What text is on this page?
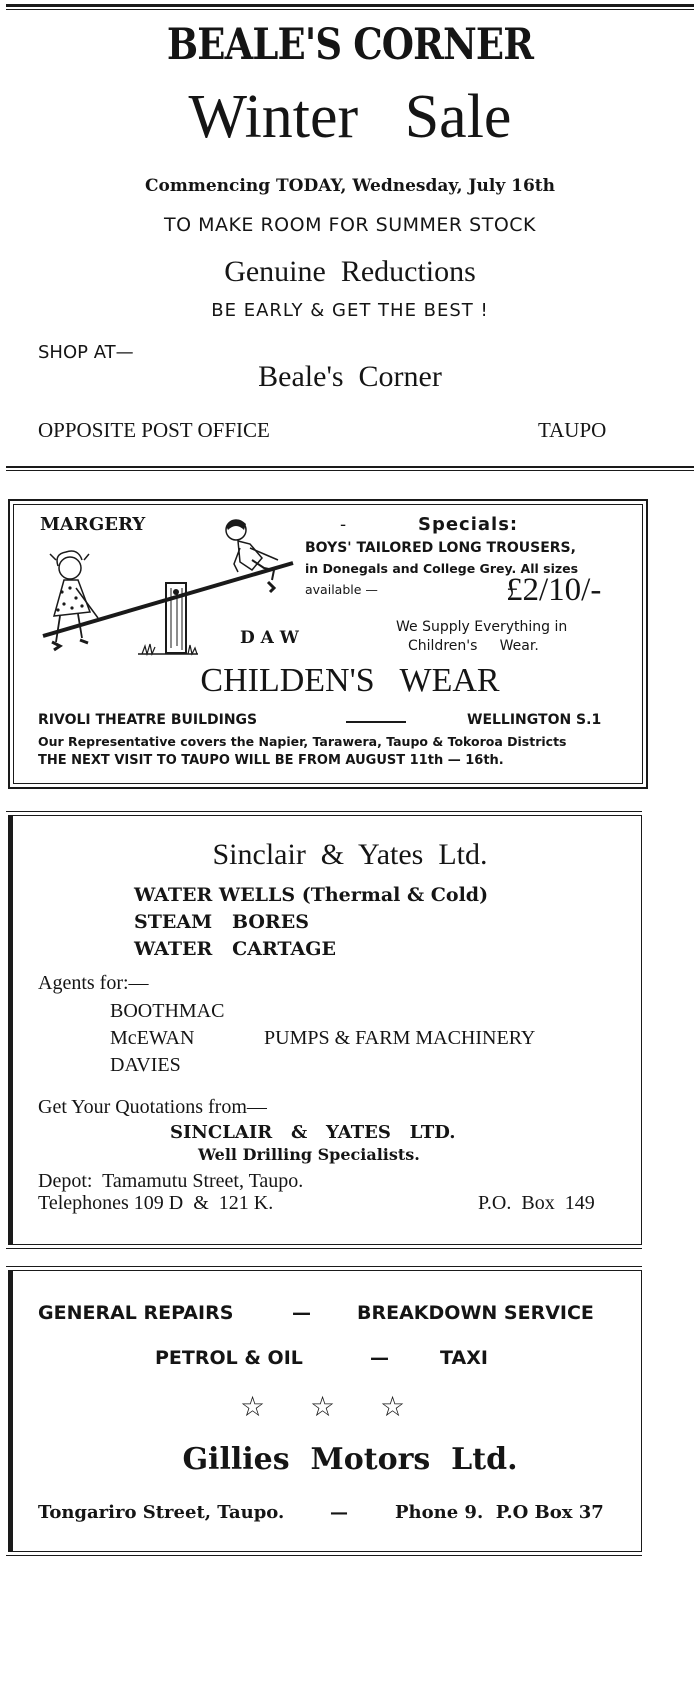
BEALE'S CORNER
Winter   Sale
Commencing TODAY, Wednesday, July 16th
TO MAKE ROOM FOR SUMMER STOCK
Genuine  Reductions
BE EARLY & GET THE BEST !
SHOP AT—
Beale's  Corner
OPPOSITE POST OFFICE	TAUPO
MARGERY	-	Specials:
BOYS' TAILORED LONG TROUSERS,
in Donegals and College Grey. All sizes
available —	£2/10/-
D A W
We Supply Everything in
Children's     Wear.
CHILDEN'S   WEAR
RIVOLI THEATRE BUILDINGS	WELLINGTON S.1
Our Representative covers the Napier, Tarawera, Taupo & Tokoroa Districts
THE NEXT VISIT TO TAUPO WILL BE FROM AUGUST 11th — 16th.
Sinclair  &  Yates  Ltd.
WATER WELLS (Thermal & Cold)
STEAM   BORES
WATER   CARTAGE
Agents for:—
BOOTHMAC
McEWAN	PUMPS & FARM MACHINERY
DAVIES
Get Your Quotations from—
SINCLAIR   &   YATES   LTD.
Well Drilling Specialists.
Depot:  Tamamutu Street, Taupo.
Telephones 109 D  &  121 K.	P.O.  Box  149
GENERAL REPAIRS	— BREAKDOWN SERVICE
PETROL & OIL	—	TAXI
☆ ☆ ☆
Gillies  Motors  Ltd.
Tongariro Street, Taupo.	—	Phone 9.  P.O Box 37
